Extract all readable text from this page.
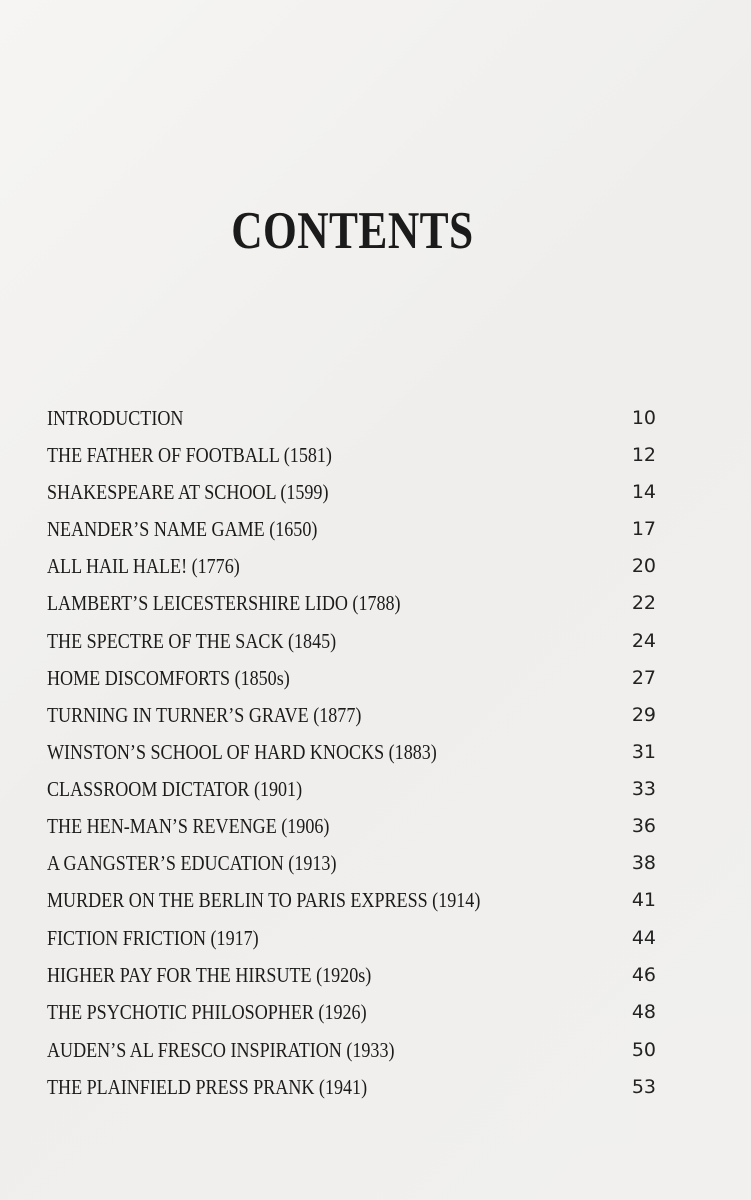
CONTENTS
INTRODUCTION	10
THE FATHER OF FOOTBALL (1581)	12
SHAKESPEARE AT SCHOOL (1599)	14
NEANDER’S NAME GAME (1650)	17
ALL HAIL HALE! (1776)	20
LAMBERT’S LEICESTERSHIRE LIDO (1788)	22
THE SPECTRE OF THE SACK (1845)	24
HOME DISCOMFORTS (1850s)	27
TURNING IN TURNER’S GRAVE (1877)	29
WINSTON’S SCHOOL OF HARD KNOCKS (1883)	31
CLASSROOM DICTATOR (1901)	33
THE HEN-MAN’S REVENGE (1906)	36
A GANGSTER’S EDUCATION (1913)	38
MURDER ON THE BERLIN TO PARIS EXPRESS (1914)	41
FICTION FRICTION (1917)	44
HIGHER PAY FOR THE HIRSUTE (1920s)	46
THE PSYCHOTIC PHILOSOPHER (1926)	48
AUDEN’S AL FRESCO INSPIRATION (1933)	50
THE PLAINFIELD PRESS PRANK (1941)	53
